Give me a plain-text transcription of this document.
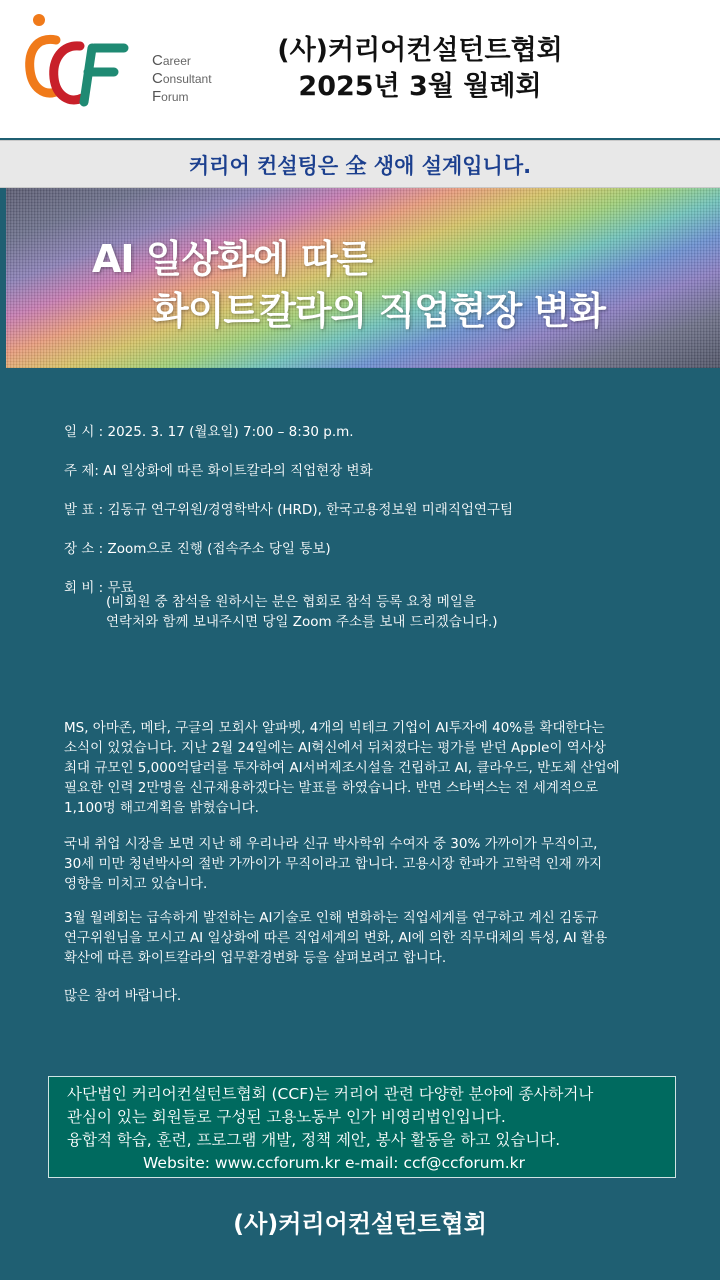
Career
Consultant
Forum
(사)커리어컨설턴트협회
2025년 3월 월례회
커리어 컨설팅은 全 생애 설계입니다.
AI 일상화에 따른
화이트칼라의 직업현장 변화
일 시 : 2025. 3. 17 (월요일) 7:00 – 8:30 p.m.
주 제: AI 일상화에 따른 화이트칼라의 직업현장 변화
발 표 : 김동규 연구위원/경영학박사 (HRD), 한국고용정보원 미래직업연구팀
장 소 : Zoom으로 진행 (접속주소 당일 통보)
회 비 : 무료
(비회원 중 참석을 원하시는 분은 협회로 참석 등록 요청 메일을
연락처와 함께 보내주시면 당일 Zoom 주소를 보내 드리겠습니다.)
MS, 아마존, 메타, 구글의 모회사 알파벳, 4개의 빅테크 기업이 AI투자에 40%를 확대한다는
소식이 있었습니다. 지난 2월 24일에는 AI혁신에서 뒤처졌다는 평가를 받던 Apple이 역사상
최대 규모인 5,000억달러를 투자하여 AI서버제조시설을 건립하고 AI, 클라우드, 반도체 산업에
필요한 인력 2만명을 신규채용하겠다는 발표를 하였습니다. 반면 스타벅스는 전 세계적으로
1,100명 해고계획을 밝혔습니다.
국내 취업 시장을 보면 지난 해 우리나라 신규 박사학위 수여자 중 30% 가까이가 무직이고,
30세 미만 청년박사의 절반 가까이가 무직이라고 합니다. 고용시장 한파가 고학력 인재 까지
영향을 미치고 있습니다.
3월 월례회는 급속하게 발전하는 AI기술로 인해 변화하는 직업세계를 연구하고 계신 김동규
연구위원님을 모시고 AI 일상화에 따른 직업세계의 변화, AI에 의한 직무대체의 특성, AI 활용
확산에 따른 화이트칼라의 업무환경변화 등을 살펴보려고 합니다.
많은 참여 바랍니다.
사단법인 커리어컨설턴트협회 (CCF)는 커리어 관련 다양한 분야에 종사하거나
관심이 있는 회원들로 구성된 고용노동부 인가 비영리법인입니다.
융합적 학습, 훈련, 프로그램 개발, 정책 제안, 봉사 활동을 하고 있습니다.
Website: www.ccforum.kr e-mail: ccf@ccforum.kr
(사)커리어컨설턴트협회
